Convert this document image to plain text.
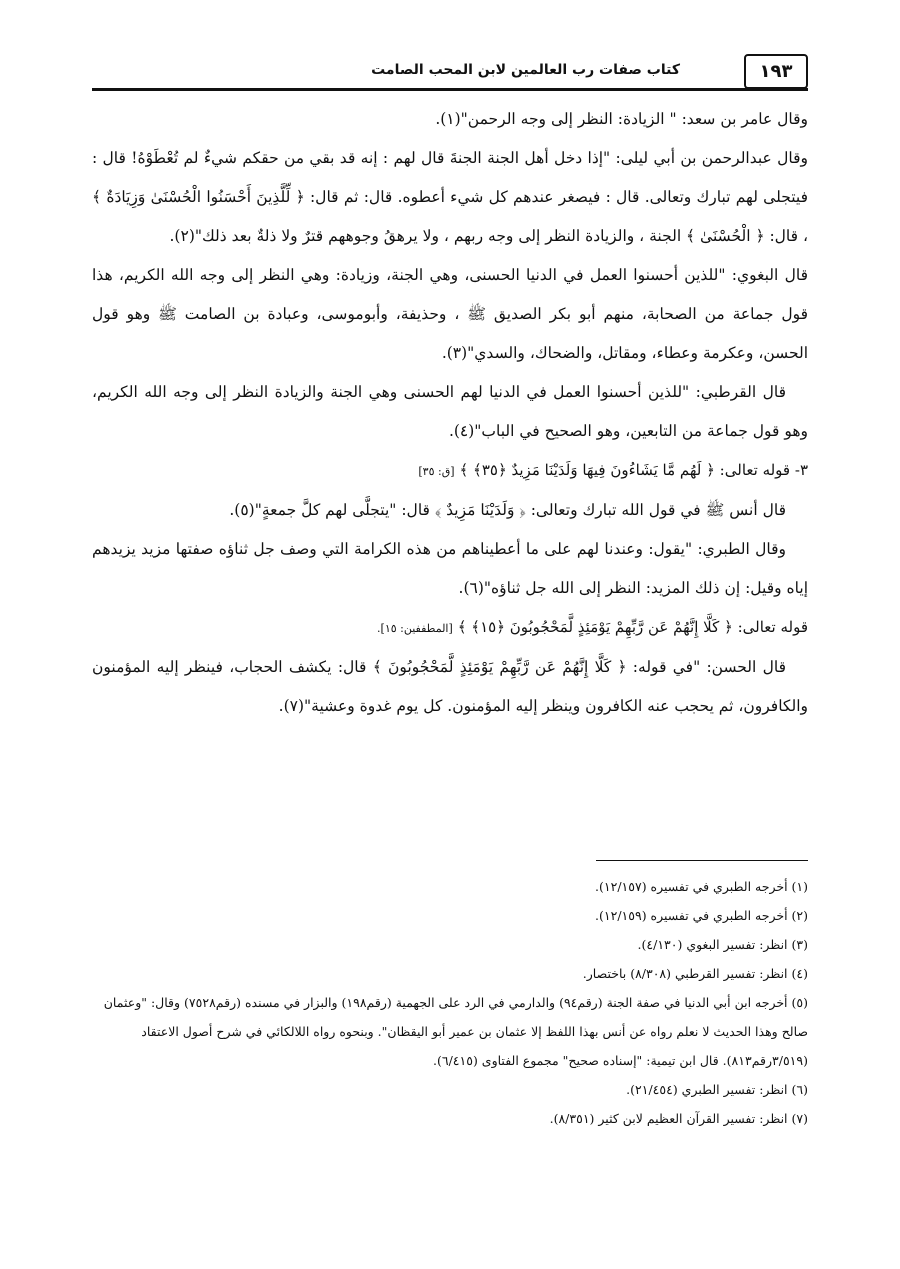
١٩٣
كتاب صفات رب العالمين لابن المحب الصامت

وقال عامر بن سعد: " الزيادة: النظر إلى وجه الرحمن"(١).

وقال عبدالرحمن بن أبي ليلى: "إذا دخل أهل الجنة الجنةَ قال لهم : إنه قد بقي من حقكم شيءٌ لم تُعْطَوْهُ! قال : فيتجلى لهم تبارك وتعالى. قال : فيصغر عندهم كل شيء أعطوه. قال: ثم قال: ﴿ لِّلَّذِينَ أَحْسَنُوا الْحُسْنَىٰ وَزِيَادَةٌ ﴾ ، قال: ﴿ الْحُسْنَىٰ ﴾ الجنة ، والزيادة النظر إلى وجه ربهم ، ولا يرهقُ وجوههم قترٌ ولا ذلةٌ بعد ذلك"(٢).

قال البغوي: "للذين أحسنوا العمل في الدنيا الحسنى، وهي الجنة، وزيادة: وهي النظر إلى وجه الله الكريم، هذا قول جماعة من الصحابة، منهم أبو بكر الصديق ﷺ ، وحذيفة، وأبوموسى، وعبادة بن الصامت ﷺ وهو قول الحسن، وعكرمة وعطاء، ومقاتل، والضحاك، والسدي"(٣).

قال القرطبي: "للذين أحسنوا العمل في الدنيا لهم الحسنى وهي الجنة والزيادة النظر إلى وجه الله الكريم، وهو قول جماعة من التابعين، وهو الصحيح في الباب"(٤).

٣- قوله تعالى: ﴿ لَهُم مَّا يَشَاءُونَ فِيهَا وَلَدَيْنَا مَزِيدٌ ﴿٣٥﴾ ﴾ [ق: ٣٥]

قال أنس ﷺ في قول الله تبارك وتعالى: ﴿ وَلَدَيْنَا مَزِيدٌ ﴾ قال: "يتجلَّى لهم كلَّ جمعةٍ"(٥).

وقال الطبري: "يقول: وعندنا لهم على ما أعطيناهم من هذه الكرامة التي وصف جل ثناؤه صفتها مزيد يزيدهم إياه وقيل: إن ذلك المزيد: النظر إلى الله جل ثناؤه"(٦).

قوله تعالى: ﴿ كَلَّا إِنَّهُمْ عَن رَّبِّهِمْ يَوْمَئِذٍ لَّمَحْجُوبُونَ ﴿١٥﴾ ﴾ [المطففين: ١٥].

قال الحسن: "في قوله: ﴿ كَلَّا إِنَّهُمْ عَن رَّبِّهِمْ يَوْمَئِذٍ لَّمَحْجُوبُونَ ﴾ قال: يكشف الحجاب، فينظر إليه المؤمنون والكافرون، ثم يحجب عنه الكافرون وينظر إليه المؤمنون. كل يوم غدوة وعشية"(٧).

(١) أخرجه الطبري في تفسيره (١٢/١٥٧).

(٢) أخرجه الطبري في تفسيره (١٢/١٥٩).

(٣) انظر: تفسير البغوي (٤/١٣٠).

(٤) انظر: تفسير القرطبي (٨/٣٠٨) باختصار.

(٥) أخرجه ابن أبي الدنيا في صفة الجنة (رقم٩٤) والدارمي في الرد على الجهمية (رقم١٩٨) والبزار في مسنده (رقم٧٥٢٨) وقال: "وعثمان صالح وهذا الحديث لا نعلم رواه عن أنس بهذا اللفظ إلا عثمان بن عمير أبو اليقظان". وبنحوه رواه اللالكائي في شرح أصول الاعتقاد (٣/٥١٩رقم٨١٣). قال ابن تيمية: "إسناده صحيح" مجموع الفتاوى (٦/٤١٥).

(٦) انظر: تفسير الطبري (٢١/٤٥٤).

(٧) انظر: تفسير القرآن العظيم لابن كثير (٨/٣٥١).
